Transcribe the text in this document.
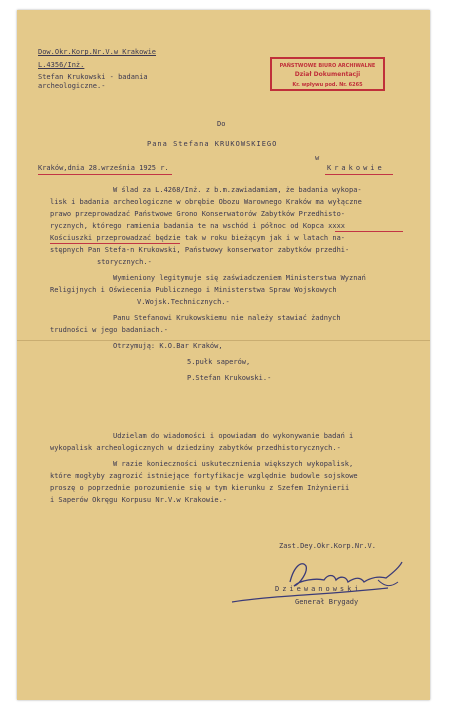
Dow.Okr.Korp.Nr.V.w Krakowie
L.4356/Inż.
Stefan Krukowski - badania
archeologiczne.-
PAŃSTWOWE BIURO ARCHIWALNE
Dział Dokumentacji
Kr. wpływu pod. Nr. 6265
Do
Pana Stefana KRUKOWSKIEGO
w
Krakowie
Kraków,dnia 28.września 1925 r.
W ślad za L.4268/Inż. z b.m.zawiadamiam, że badania wykopa-
lisk i badania archeologiczne w obrębie Obozu Warownego Kraków ma wyłączne
prawo przeprowadzać Państwowe Grono Konserwatorów Zabytków Przedhisto-
rycznych, którego ramienia badania te na wschód i północ od Kopca xxxx
Kościuszki przeprowadzać będzie tak w roku bieżącym jak i w latach na-
stępnych Pan Stefa-n Krukowski, Państwowy konserwator zabytków przedhi-
storycznych.-
Wymieniony legitymuje się zaświadczeniem Ministerstwa Wyznań
Religijnych i Oświecenia Publicznego i Ministerstwa Spraw Wojskowych
V.Wojsk.Technicznych.-
Panu Stefanowi Krukowskiemu nie należy stawiać żadnych
trudności w jego badaniach.-
Otrzymują: K.O.Bar Kraków,
5.pułk saperów,
P.Stefan Krukowski.-
Udzielam do wiadomości i opowiadam do wykonywanie badań i
wykopalisk archeologicznych w dziedziny zabytków przedhistorycznych.-
W razie konieczności uskutecznienia większych wykopalisk,
które mogłyby zagrozić istniejące fortyfikacje względnie budowle sojskowe
proszę o poprzednie porozumienie się w tym kierunku z Szefem Inżynierii
i Saperów Okręgu Korpusu Nr.V.w Krakowie.-
Zast.Dey.Okr.Korp.Nr.V.
Dziewanowski
Generał Brygady
